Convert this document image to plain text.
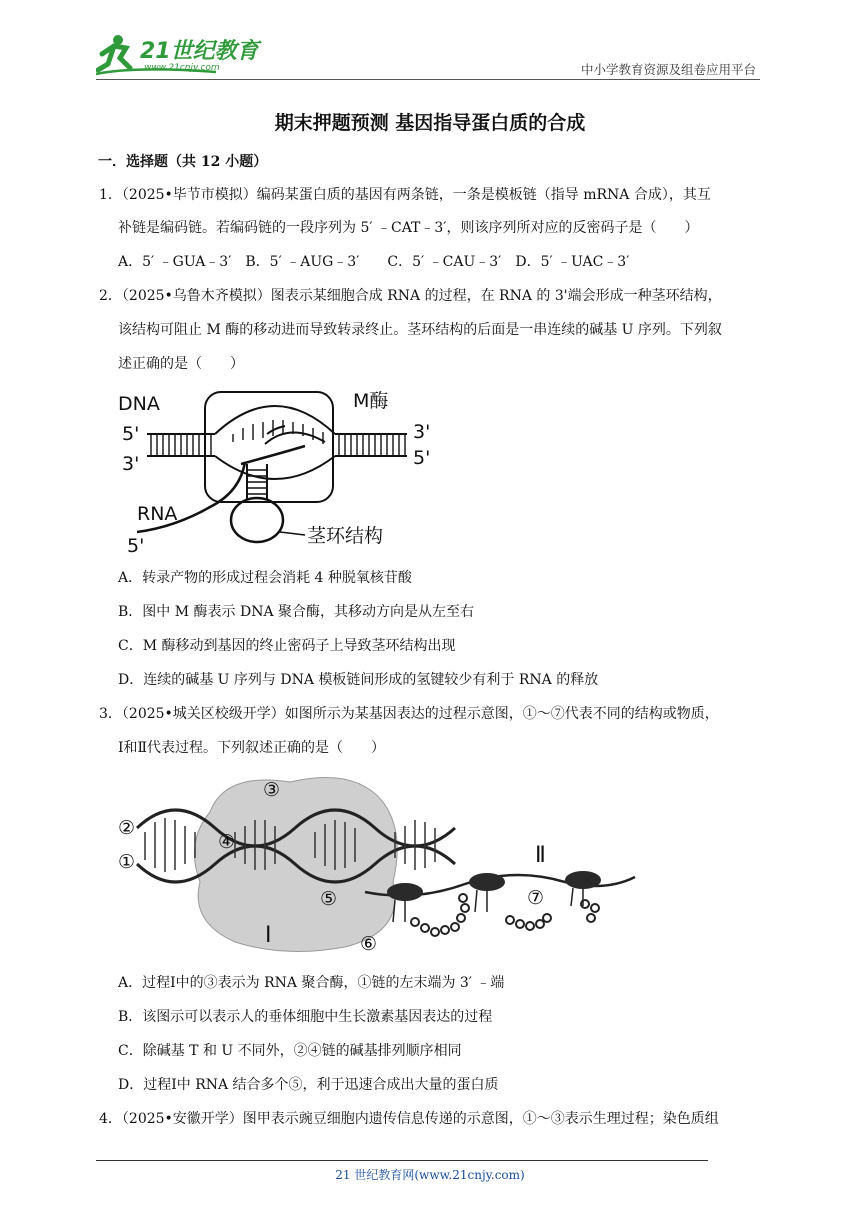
21世纪教育
www.21cnjy.com	中小学教育资源及组卷应用平台
期末押题预测 基因指导蛋白质的合成
一．选择题（共 12 小题）
1．（2025•毕节市模拟）编码某蛋白质的基因有两条链，一条是模板链（指导 mRNA 合成），其互
补链是编码链。若编码链的一段序列为 5′ ﹣CAT﹣3′，则该序列所对应的反密码子是（　　）
A．5′ ﹣GUA﹣3′　B．5′ ﹣AUG﹣3′　　C．5′ ﹣CAU﹣3′　D．5′ ﹣UAC﹣3′
2．（2025•乌鲁木齐模拟）图表示某细胞合成 RNA 的过程，在 RNA 的 3'端会形成一种茎环结构，
该结构可阻止 M 酶的移动进而导致转录终止。茎环结构的后面是一串连续的碱基 U 序列。下列叙
述正确的是（　　）
DNA
5'
3'
M酶
3'
5'
RNA
5'	茎环结构
A．转录产物的形成过程会消耗 4 种脱氧核苷酸
B．图中 M 酶表示 DNA 聚合酶，其移动方向是从左至右
C．M 酶移动到基因的终止密码子上导致茎环结构出现
D．连续的碱基 U 序列与 DNA 模板链间形成的氢键较少有利于 RNA 的释放
3．（2025•城关区校级开学）如图所示为某基因表达的过程示意图，①～⑦代表不同的结构或物质，
Ⅰ和Ⅱ代表过程。下列叙述正确的是（　　）
③
②
①
④
⑤
⑥
⑦
Ⅰ
Ⅱ
A．过程Ⅰ中的③表示为 RNA 聚合酶，①链的左末端为 3′ ﹣端
B．该图示可以表示人的垂体细胞中生长激素基因表达的过程
C．除碱基 T 和 U 不同外，②④链的碱基排列顺序相同
D．过程Ⅰ中 RNA 结合多个⑤，利于迅速合成出大量的蛋白质
4．（2025•安徽开学）图甲表示豌豆细胞内遗传信息传递的示意图，①～③表示生理过程；染色质组
21 世纪教育网(www.21cnjy.com)
